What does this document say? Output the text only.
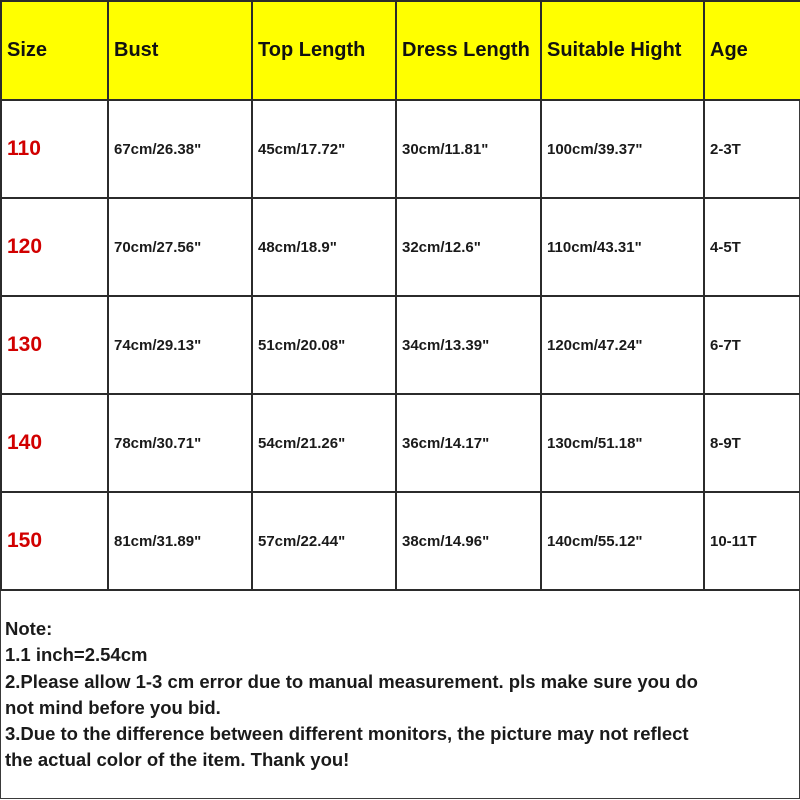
Size	Bust	Top Length	Dress Length	Suitable Hight	Age
110	67cm/26.38"	45cm/17.72"	30cm/11.81"	100cm/39.37"	2-3T
120	70cm/27.56"	48cm/18.9"	32cm/12.6"	110cm/43.31"	4-5T
130	74cm/29.13"	51cm/20.08"	34cm/13.39"	120cm/47.24"	6-7T
140	78cm/30.71"	54cm/21.26"	36cm/14.17"	130cm/51.18"	8-9T
150	81cm/31.89"	57cm/22.44"	38cm/14.96"	140cm/55.12"	10-11T
Note:
1.1 inch=2.54cm
2.Please allow 1-3 cm error due to manual measurement. pls make sure you do
not mind before you bid.
3.Due to the difference between different monitors, the picture may not reflect
the actual color of the item. Thank you!
